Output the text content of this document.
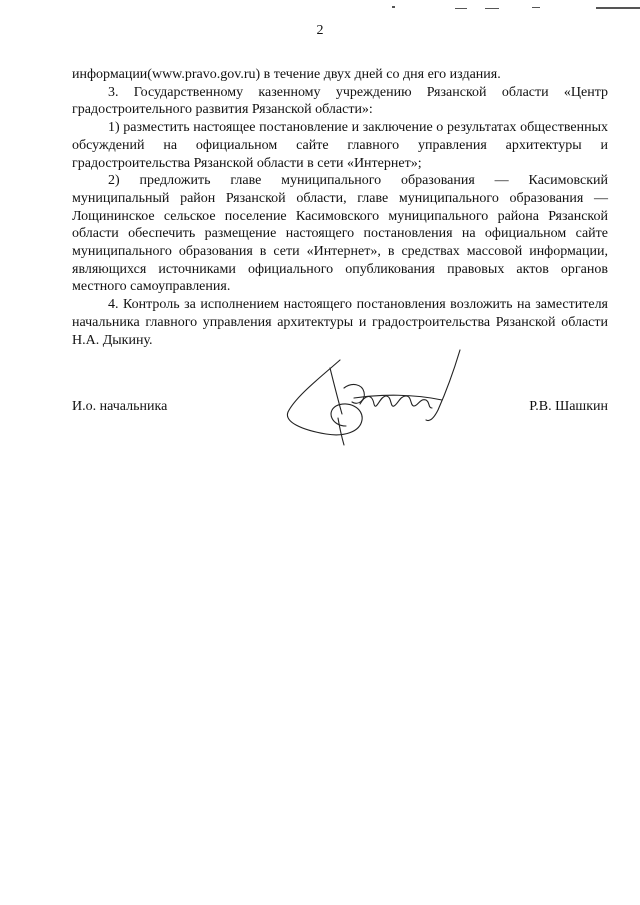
2

информации(www.pravo.gov.ru) в течение двух дней со дня его издания.

3. Государственному казенному учреждению Рязанской области «Центр градостроительного развития Рязанской области»:

1) разместить настоящее постановление и заключение о результатах общественных обсуждений на официальном сайте главного управления архитектуры и градостроительства Рязанской области в сети «Интернет»;

2) предложить главе муниципального образования — Касимовский муниципальный район Рязанской области, главе муниципального образования — Лощининское сельское поселение Касимовского муниципального района Рязанской области обеспечить размещение настоящего постановления на официальном сайте муниципального образования в сети «Интернет», в средствах массовой информации, являющихся источниками официального опубликования правовых актов органов местного самоуправления.

4. Контроль за исполнением настоящего постановления возложить на заместителя начальника главного управления архитектуры и градостроительства Рязанской области Н.А. Дыкину.

И.о. начальника	Р.В. Шашкин
